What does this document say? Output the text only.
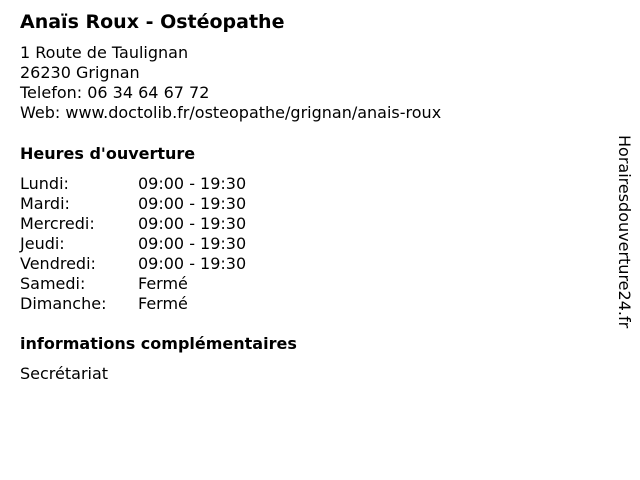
Anaïs Roux - Ostéopathe
1 Route de Taulignan
26230 Grignan
Telefon: 06 34 64 67 72
Web: www.doctolib.fr/osteopathe/grignan/anais-roux
Heures d'ouverture
Lundi:	09:00 - 19:30
Mardi:	09:00 - 19:30
Mercredi:	09:00 - 19:30
Jeudi:	09:00 - 19:30
Vendredi:	09:00 - 19:30
Samedi:	Fermé
Dimanche: Fermé
informations complémentaires
Secrétariat
Horairesdouverture24.fr
